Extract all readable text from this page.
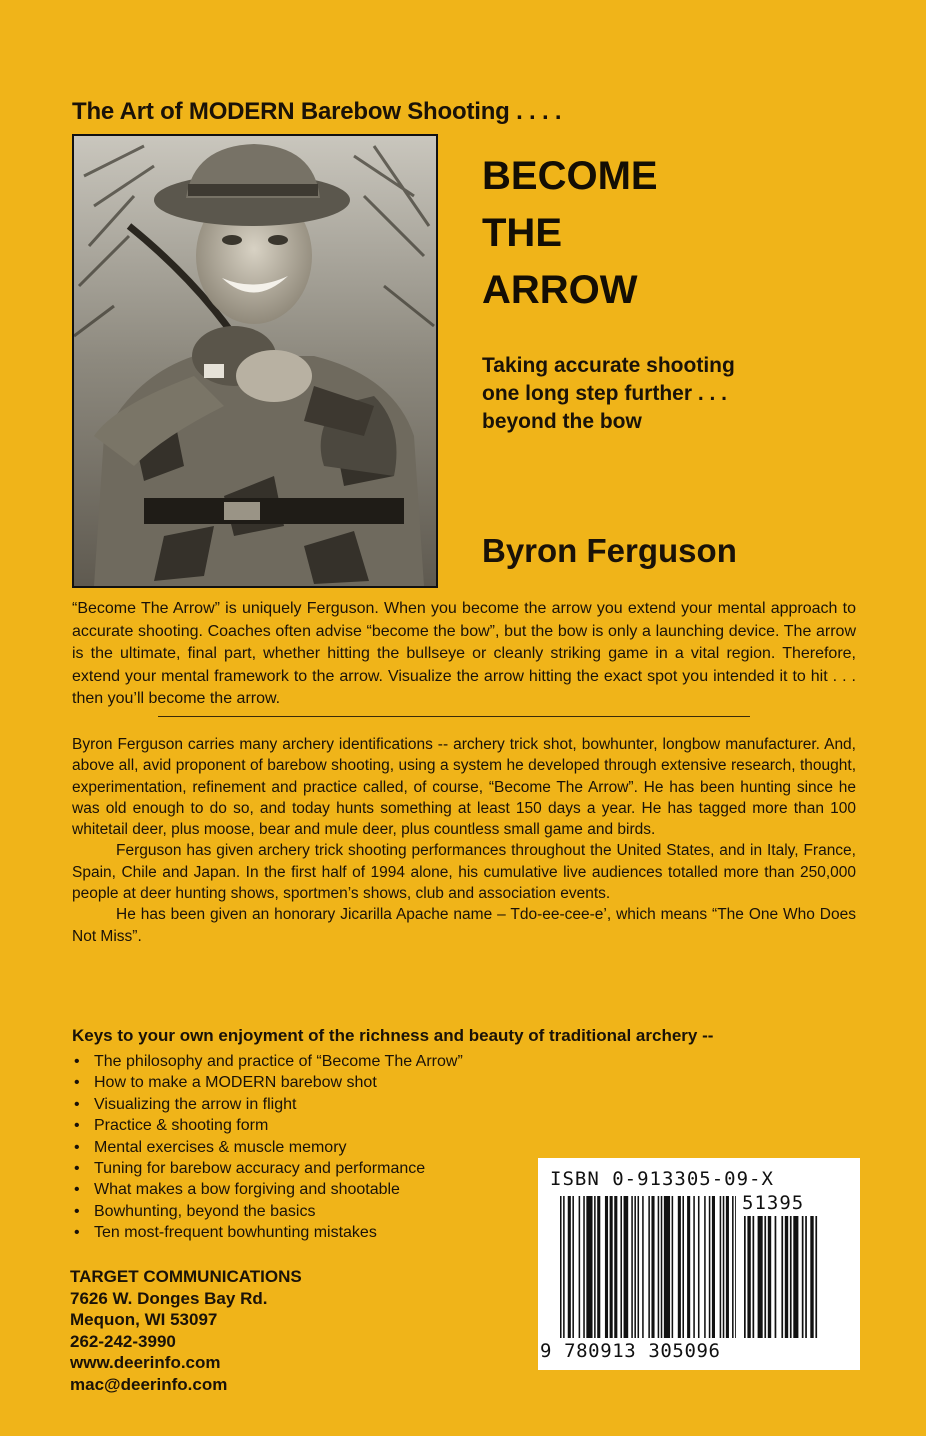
The Art of MODERN Barebow Shooting . . . .
BECOME
THE
ARROW
Taking accurate shooting
one long step further . . .
beyond the bow
Byron Ferguson

“Become The Arrow” is uniquely Ferguson. When you become the arrow you extend your mental approach to accurate shooting. Coaches often advise “become the bow”, but the bow is only a launching device. The arrow is the ultimate, final part, whether hitting the bullseye or cleanly striking game in a vital region. Therefore, extend your mental framework to the arrow. Visualize the arrow hitting the exact spot you intended it to hit . . . then you’ll become the arrow.

Byron Ferguson carries many archery identifications -- archery trick shot, bowhunter, longbow manufacturer. And, above all, avid proponent of barebow shooting, using a system he developed through extensive research, thought, experimentation, refinement and practice called, of course, “Become The Arrow”. He has been hunting since he was old enough to do so, and today hunts something at least 150 days a year. He has tagged more than 100 whitetail deer, plus moose, bear and mule deer, plus countless small game and birds.

Ferguson has given archery trick shooting performances throughout the United States, and in Italy, France, Spain, Chile and Japan. In the first half of 1994 alone, his cumulative live audiences totalled more than 250,000 people at deer hunting shows, sportmen’s shows, club and association events.

He has been given an honorary Jicarilla Apache name – Tdo-ee-cee-e’, which means “The One Who Does Not Miss”.

Keys to your own enjoyment of the richness and beauty of traditional archery --
• The philosophy and practice of “Become The Arrow”
• How to make a MODERN barebow shot
• Visualizing the arrow in flight
• Practice & shooting form
• Mental exercises & muscle memory
• Tuning for barebow accuracy and performance
• What makes a bow forgiving and shootable
• Bowhunting, beyond the basics
• Ten most-frequent bowhunting mistakes
TARGET COMMUNICATIONS
7626 W. Donges Bay Rd.
Mequon, WI 53097
262-242-3990
www.deerinfo.com
mac@deerinfo.com
ISBN 0-913305-09-X
51395
9 780913 305096
